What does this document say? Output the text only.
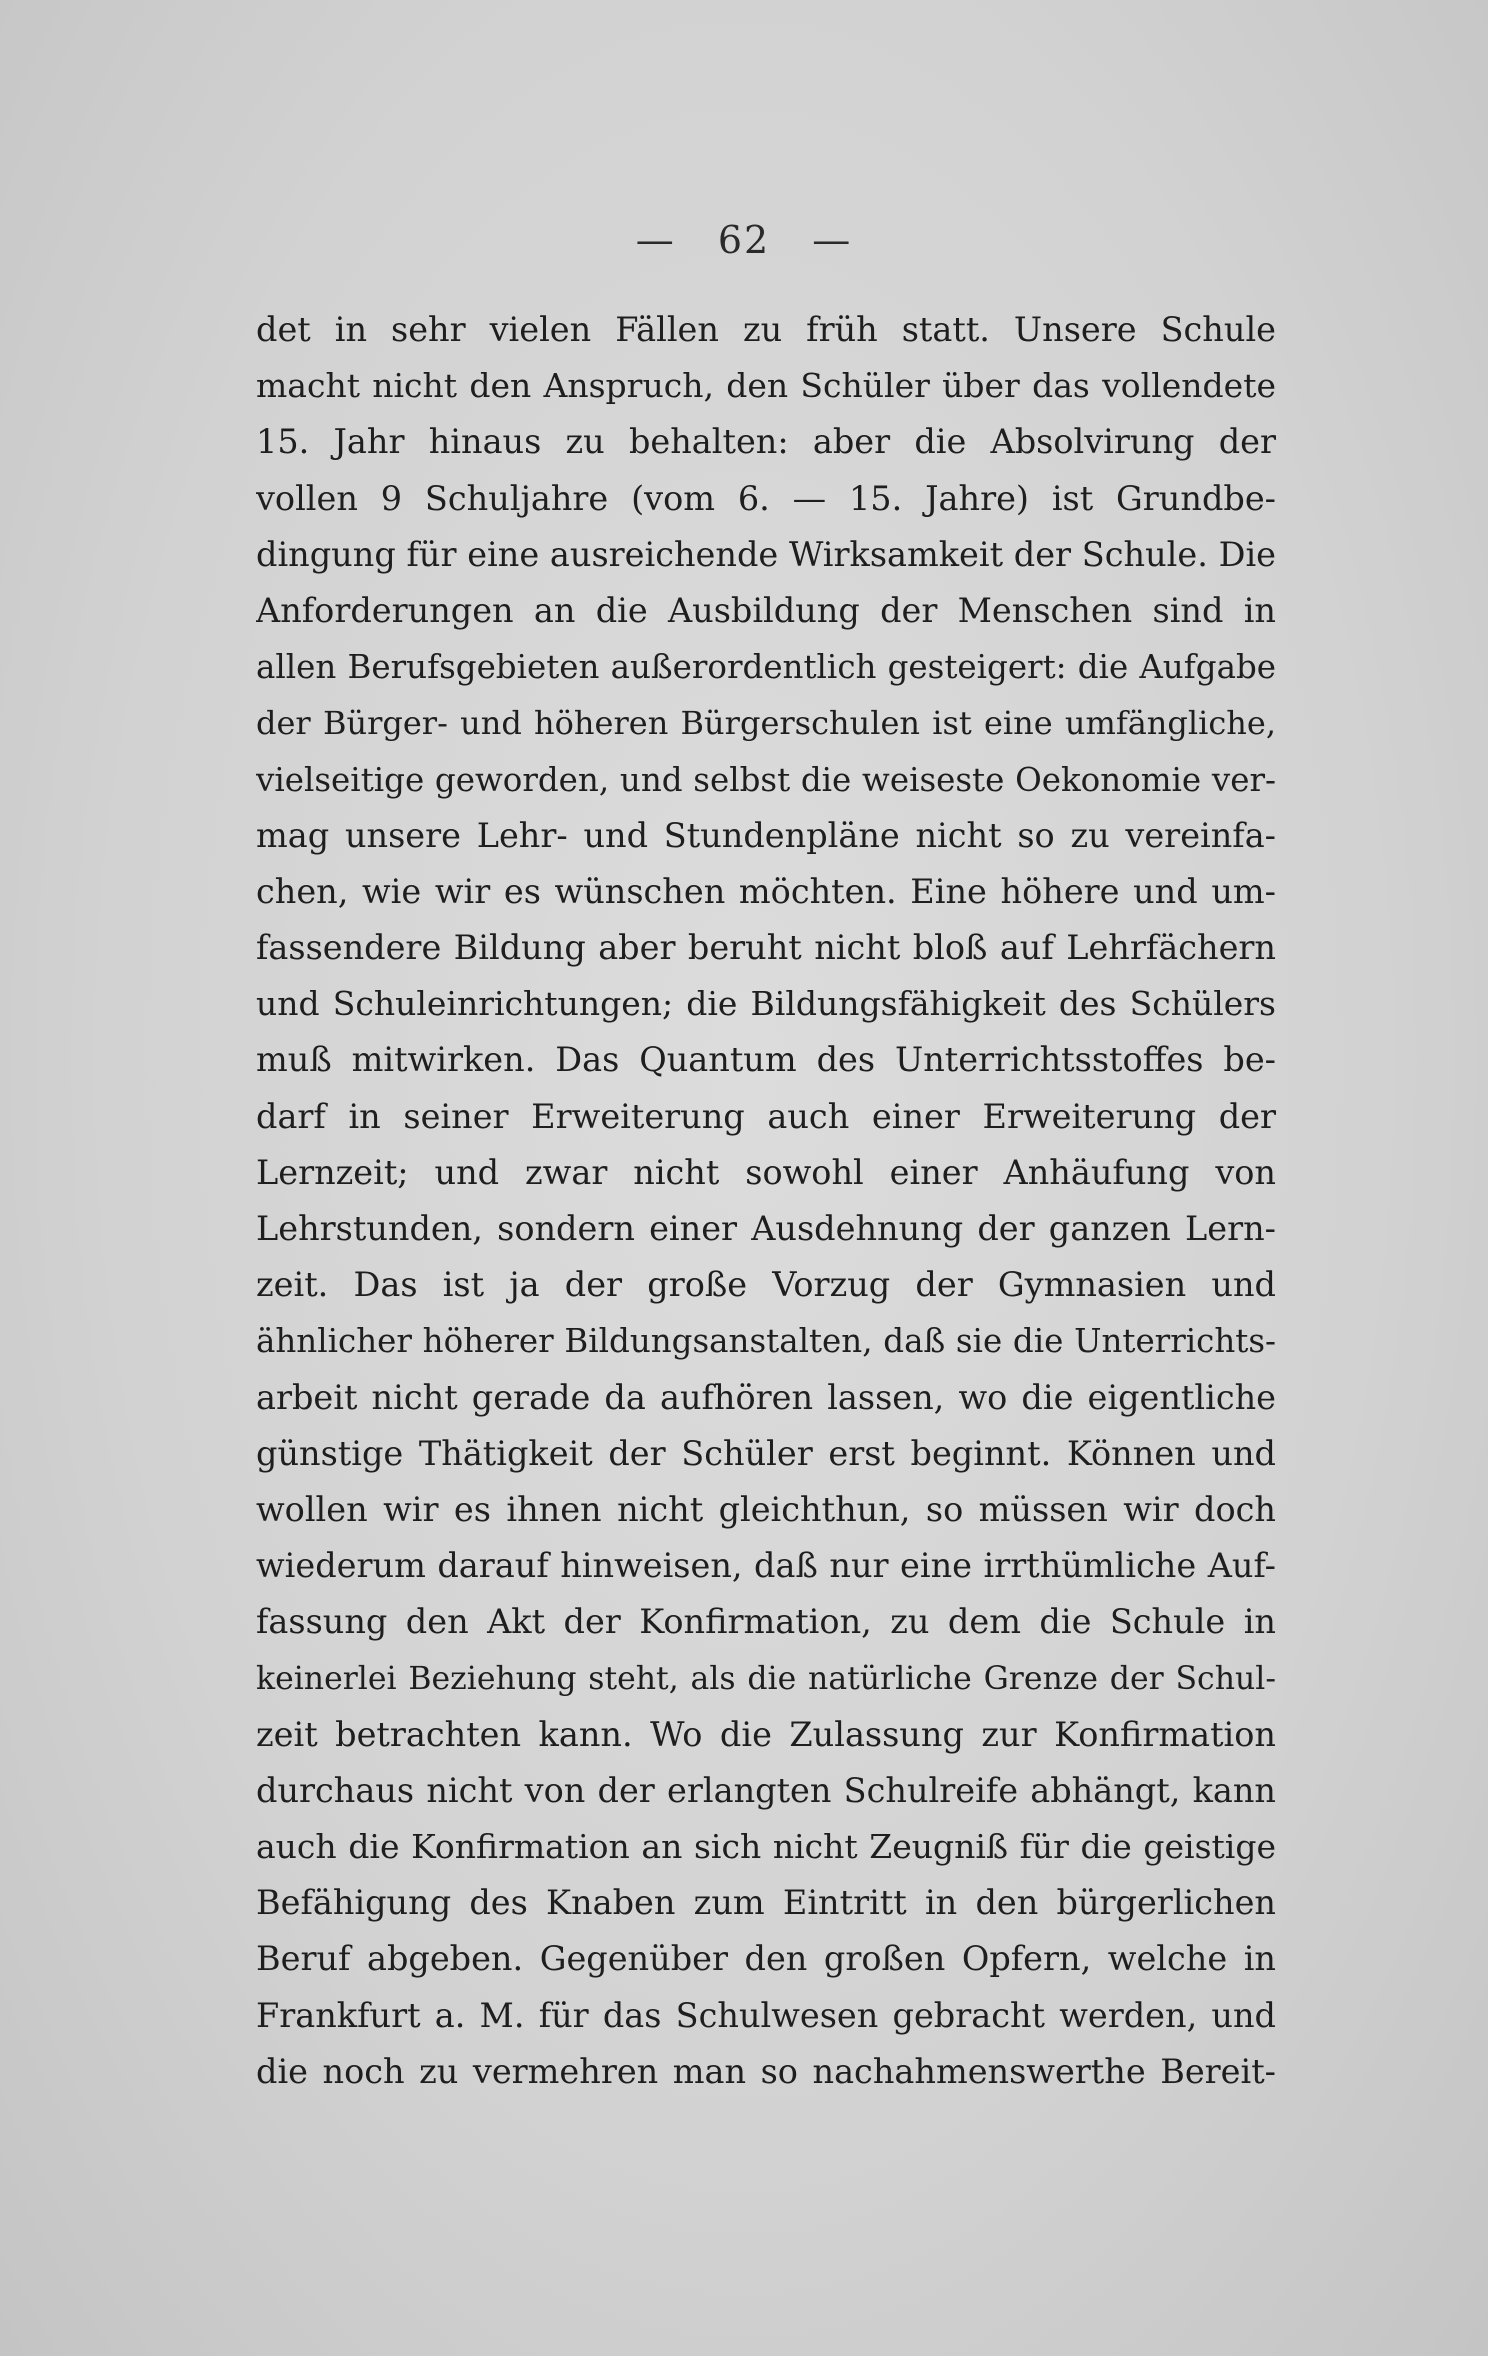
— 62 —
det in sehr vielen Fällen zu früh statt. Unsere Schule
macht nicht den Anspruch, den Schüler über das vollendete
15. Jahr hinaus zu behalten: aber die Absolvirung der
vollen 9 Schuljahre (vom 6. — 15. Jahre) ist Grundbe-
dingung für eine ausreichende Wirksamkeit der Schule. Die
Anforderungen an die Ausbildung der Menschen sind in
allen Berufsgebieten außerordentlich gesteigert: die Aufgabe
der Bürger- und höheren Bürgerschulen ist eine umfängliche,
vielseitige geworden, und selbst die weiseste Oekonomie ver-
mag unsere Lehr- und Stundenpläne nicht so zu vereinfa-
chen, wie wir es wünschen möchten. Eine höhere und um-
fassendere Bildung aber beruht nicht bloß auf Lehrfächern
und Schuleinrichtungen; die Bildungsfähigkeit des Schülers
muß mitwirken. Das Quantum des Unterrichtsstoffes be-
darf in seiner Erweiterung auch einer Erweiterung der
Lernzeit; und zwar nicht sowohl einer Anhäufung von
Lehrstunden, sondern einer Ausdehnung der ganzen Lern-
zeit. Das ist ja der große Vorzug der Gymnasien und
ähnlicher höherer Bildungsanstalten, daß sie die Unterrichts-
arbeit nicht gerade da aufhören lassen, wo die eigentliche
günstige Thätigkeit der Schüler erst beginnt. Können und
wollen wir es ihnen nicht gleichthun, so müssen wir doch
wiederum darauf hinweisen, daß nur eine irrthümliche Auf-
fassung den Akt der Konfirmation, zu dem die Schule in
keinerlei Beziehung steht, als die natürliche Grenze der Schul-
zeit betrachten kann. Wo die Zulassung zur Konfirmation
durchaus nicht von der erlangten Schulreife abhängt, kann
auch die Konfirmation an sich nicht Zeugniß für die geistige
Befähigung des Knaben zum Eintritt in den bürgerlichen
Beruf abgeben. Gegenüber den großen Opfern, welche in
Frankfurt a. M. für das Schulwesen gebracht werden, und
die noch zu vermehren man so nachahmenswerthe Bereit-
